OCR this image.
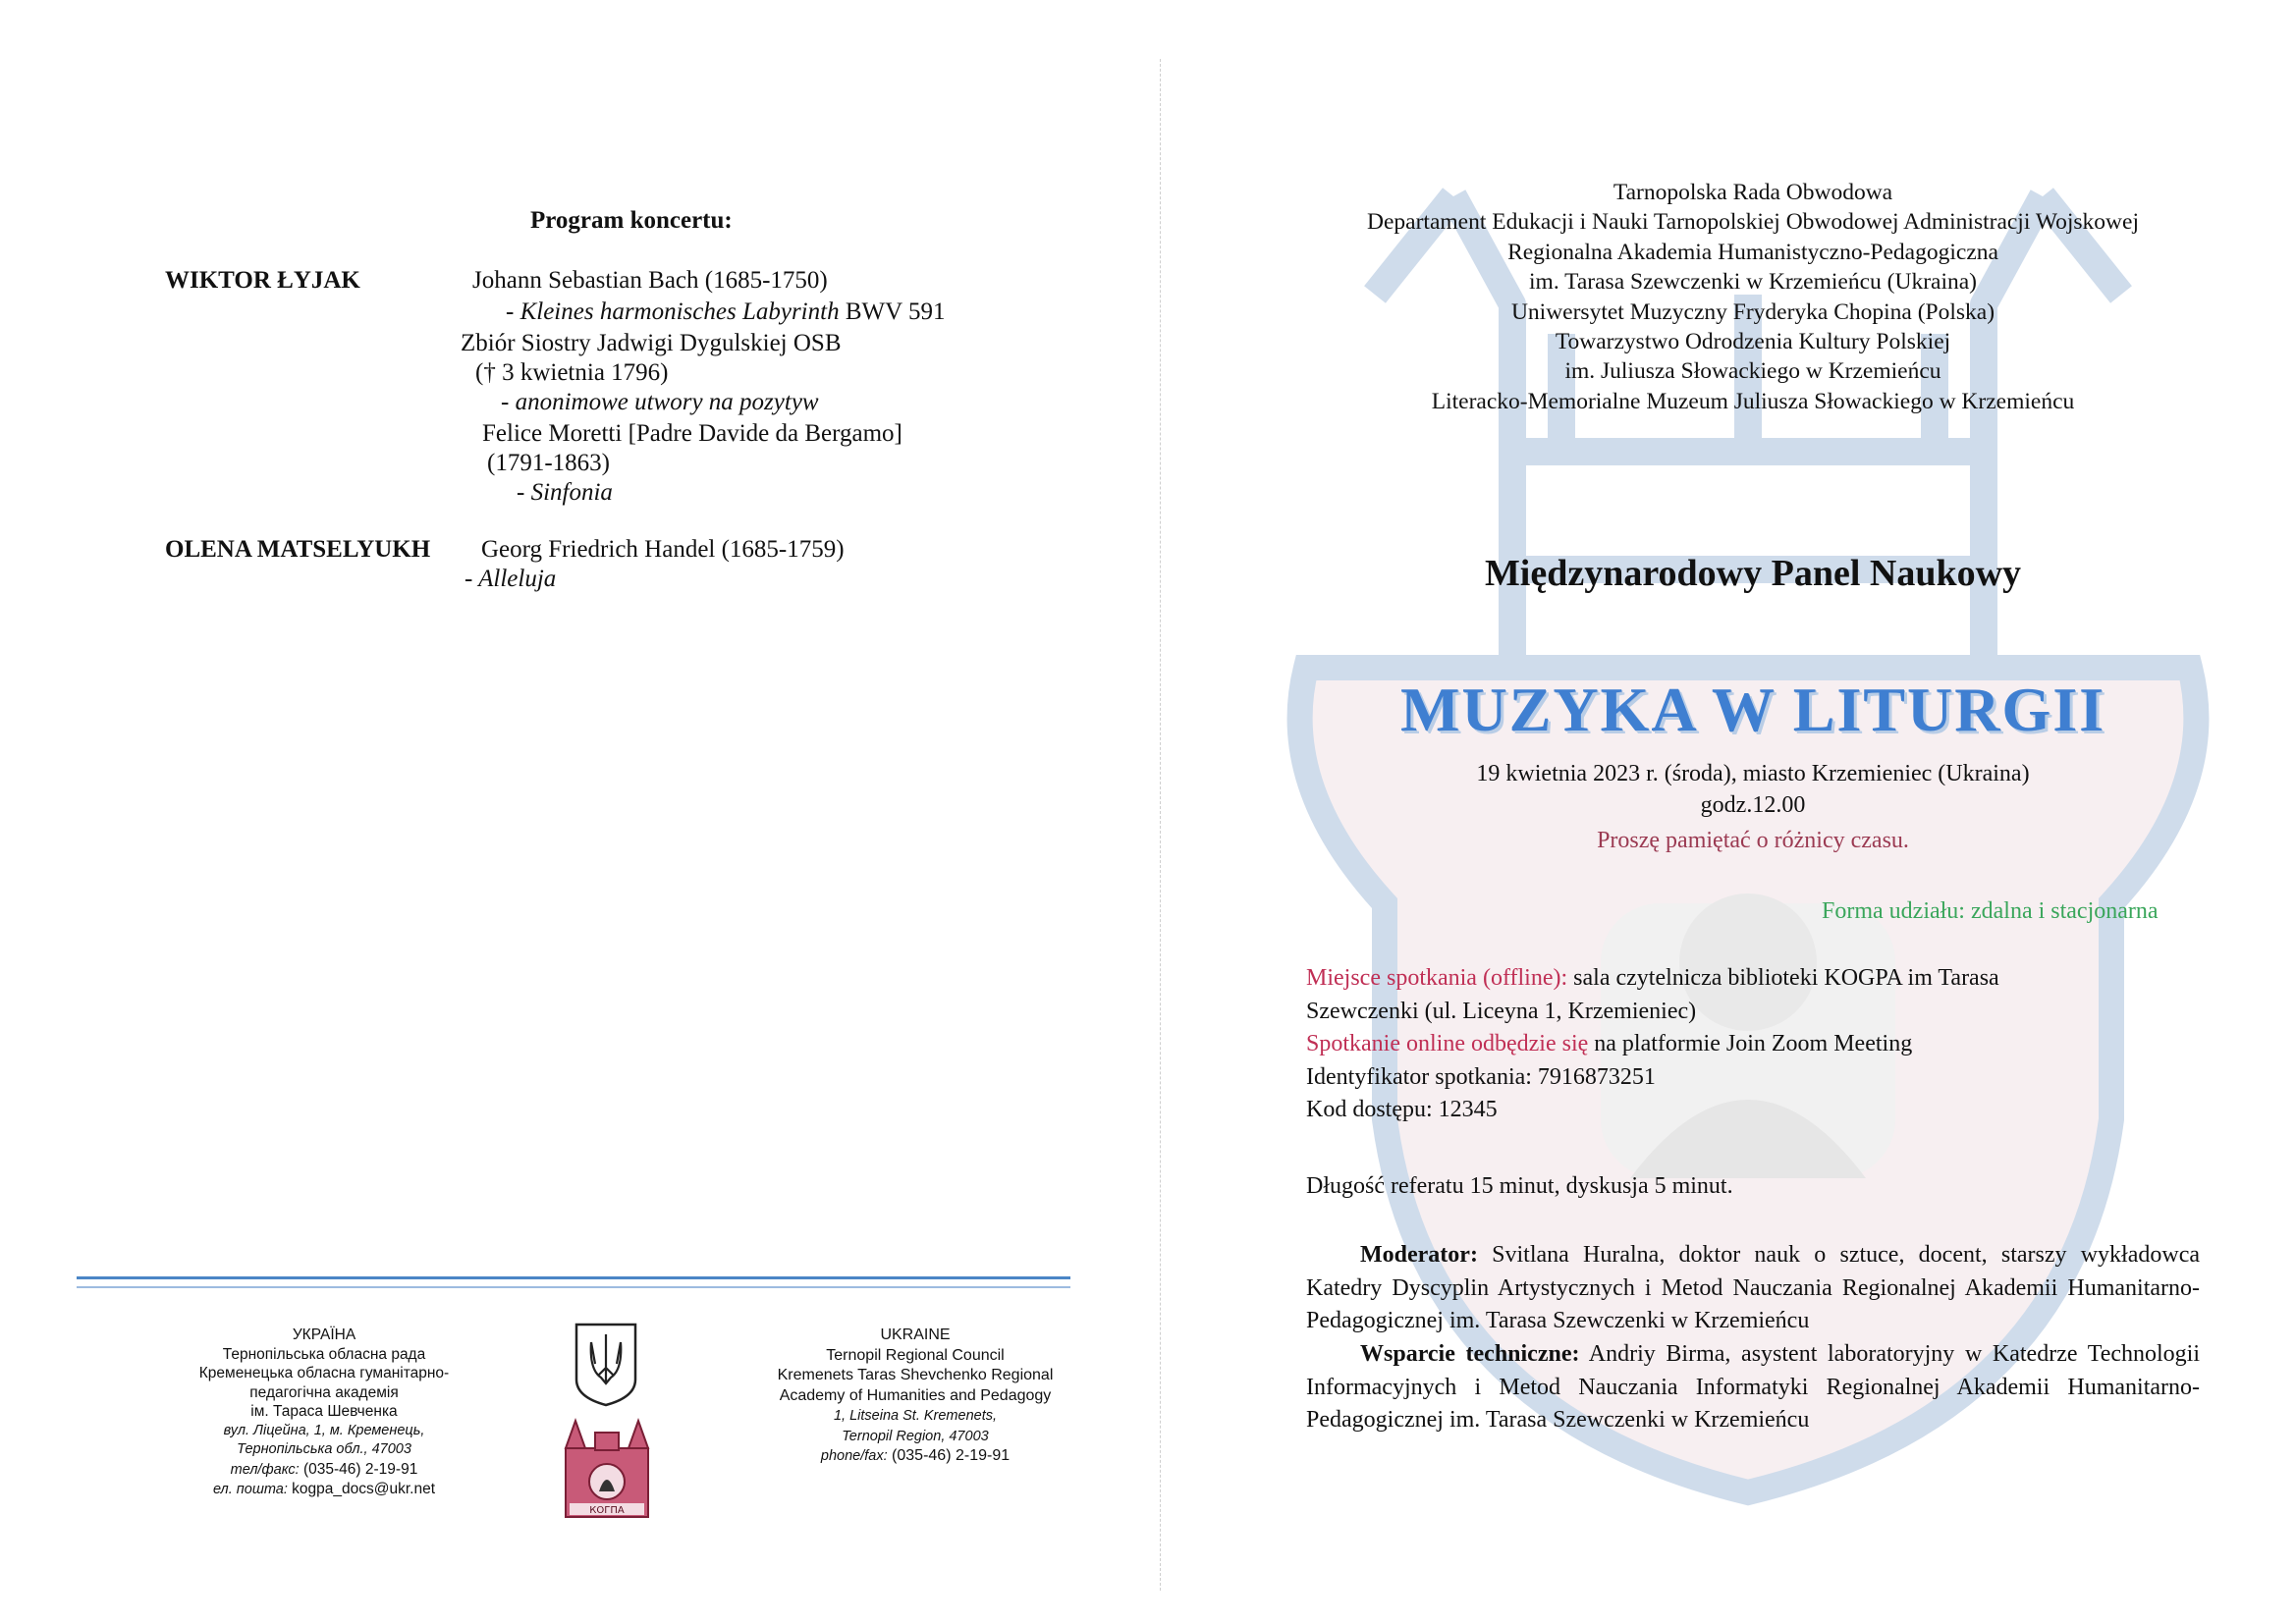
Program koncertu:
WIKTOR ŁYJAK	Johann Sebastian Bach (1685-1750)
- Kleines harmonisches Labyrinth BWV 591
Zbiór Siostry Jadwigi Dygulskiej OSB
(† 3 kwietnia 1796)
- anonimowe utwory na pozytyw
Felice Moretti [Padre Davide da Bergamo]
(1791-1863)
- Sinfonia
OLENA MATSELYUKH Georg Friedrich Handel (1685-1759)
- Alleluja
УКРАЇНА
Тернопільська обласна рада
Кременецька обласна гуманітарно-
педагогічна академія
ім. Тараса Шевченка
вул. Ліцейна, 1, м. Кременець,
Тернопільська обл., 47003
тел/факс: (035-46) 2-19-91
ел. пошта: kogpa_docs@ukr.net
КОГПА
UKRAINE
Ternopil Regional Council
Kremenets Taras Shevchenko Regional
Academy of Humanities and Pedagogy
1, Litseina St. Kremenets,
Ternopil Region, 47003
phone/fax: (035-46) 2-19-91
Tarnopolska Rada Obwodowa
Departament Edukacji i Nauki Tarnopolskiej Obwodowej Administracji Wojskowej
Regionalna Akademia Humanistyczno-Pedagogiczna
im. Tarasa Szewczenki w Krzemieńcu (Ukraina)
Uniwersytet Muzyczny Fryderyka Chopina (Polska)
Towarzystwo Odrodzenia Kultury Polskiej
im. Juliusza Słowackiego w Krzemieńcu
Literacko-Memorialne Muzeum Juliusza Słowackiego w Krzemieńcu
Międzynarodowy Panel Naukowy
MUZYKA W LITURGII
19 kwietnia 2023 r. (środa), miasto Krzemieniec (Ukraina)
godz.12.00
Proszę pamiętać o różnicy czasu.
Forma udziału: zdalna i stacjonarna
Miejsce spotkania (offline): sala czytelnicza biblioteki KOGPA im Tarasa
Szewczenki (ul. Liceyna 1, Krzemieniec)
Spotkanie online odbędzie się na platformie Join Zoom Meeting
Identyfikator spotkania: 7916873251
Kod dostępu: 12345
Długość referatu 15 minut, dyskusja 5 minut.
Moderator: Svitlana Huralna, doktor nauk o sztuce, docent, starszy wykładowca Katedry Dyscyplin Artystycznych i Metod Nauczania Regionalnej Akademii Humanitarno-Pedagogicznej im. Tarasa Szewczenki w Krzemieńcu
Wsparcie techniczne: Andriy Birma, asystent laboratoryjny w Katedrze Technologii Informacyjnych i Metod Nauczania Informatyki Regionalnej Akademii Humanitarno-Pedagogicznej im. Tarasa Szewczenki w Krzemieńcu
